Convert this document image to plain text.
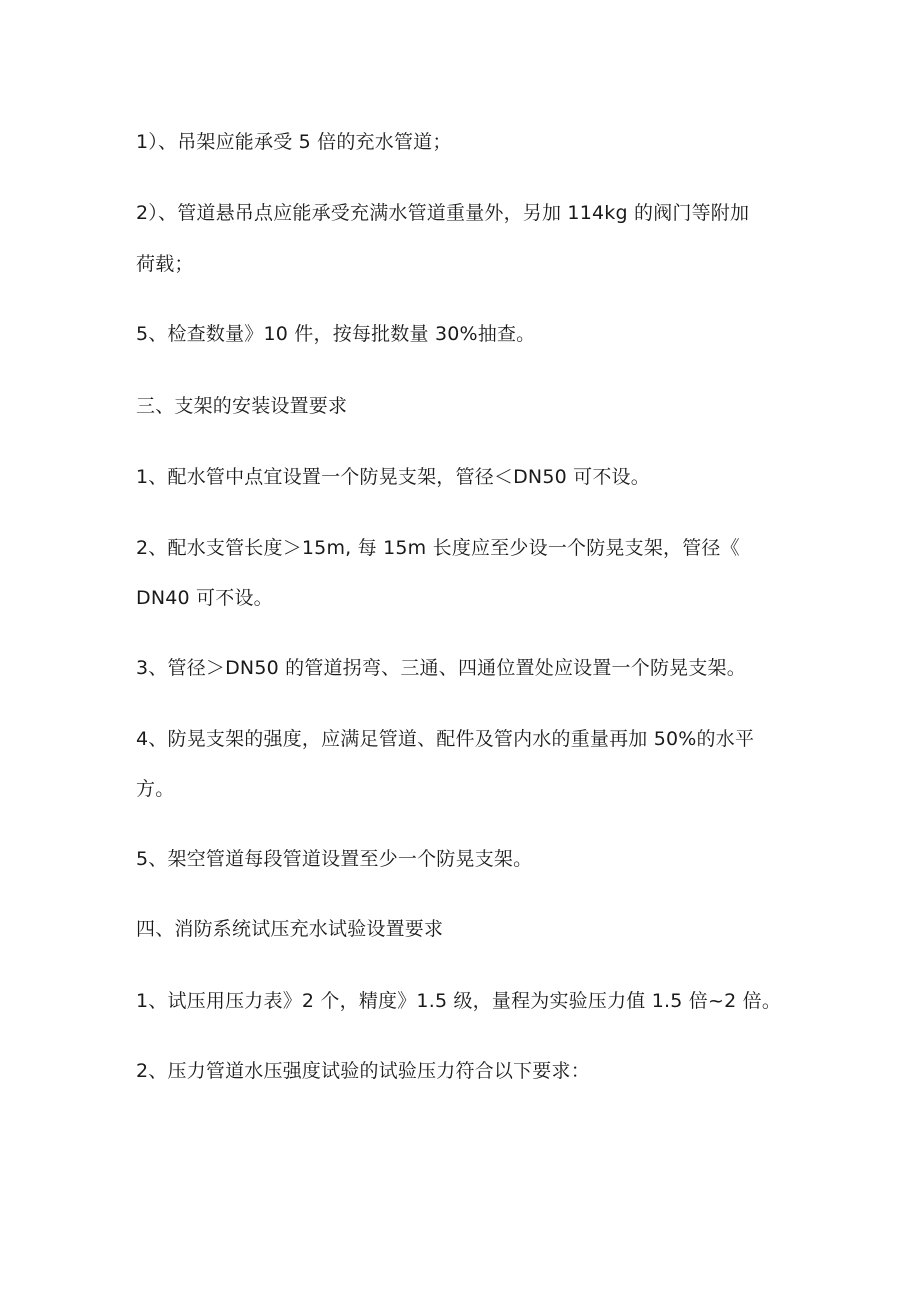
1）、吊架应能承受 5 倍的充水管道；
2）、管道悬吊点应能承受充满水管道重量外，另加 114kg 的阀门等附加
荷载；
5、检查数量》10 件，按每批数量 30%抽查。
三、支架的安装设置要求
1、配水管中点宜设置一个防晃支架，管径＜DN50 可不设。
2、配水支管长度＞15m, 每 15m 长度应至少设一个防晃支架，管径《
DN40 可不设。
3、管径＞DN50 的管道拐弯、三通、四通位置处应设置一个防晃支架。
4、防晃支架的强度，应满足管道、配件及管内水的重量再加 50%的水平
方。
5、架空管道每段管道设置至少一个防晃支架。
四、消防系统试压充水试验设置要求
1、试压用压力表》2 个，精度》1.5 级，量程为实验压力值 1.5 倍~2 倍。
2、压力管道水压强度试验的试验压力符合以下要求：
